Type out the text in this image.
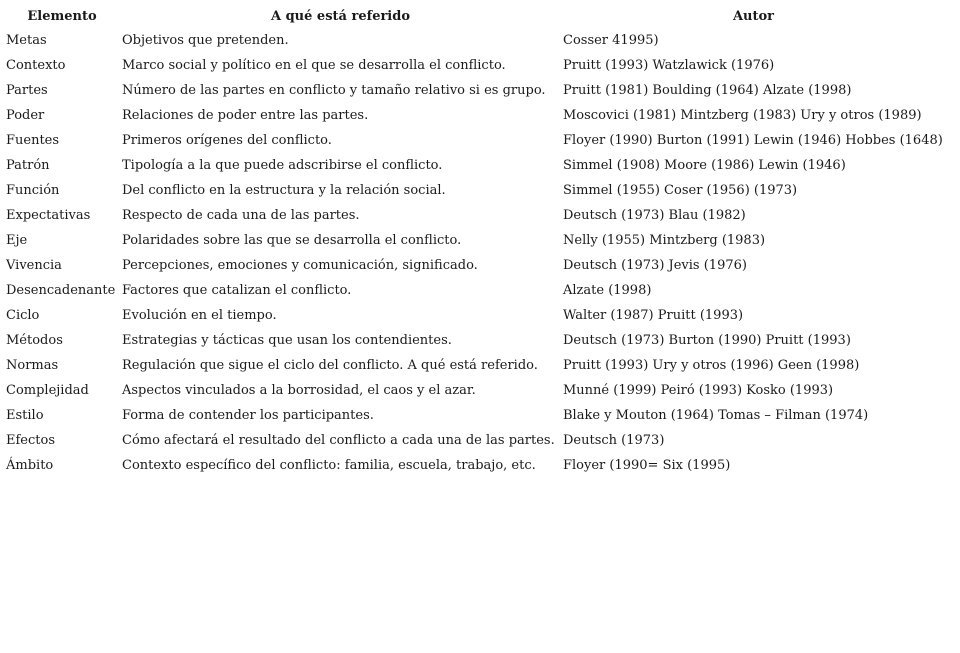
Elemento	A qué está referido	Autor
Metas	Objetivos que pretenden.	Cosser 41995)
Contexto	Marco social y político en el que se desarrolla el conflicto.	Pruitt (1993) Watzlawick (1976)
Partes	Número de las partes en conflicto y tamaño relativo si es grupo.	Pruitt (1981) Boulding (1964) Alzate (1998)
Poder	Relaciones de poder entre las partes.	Moscovici (1981) Mintzberg (1983) Ury y otros (1989)
Fuentes	Primeros orígenes del conflicto.	Floyer (1990) Burton (1991) Lewin (1946) Hobbes (1648)
Patrón	Tipología a la que puede adscribirse el conflicto.	Simmel (1908) Moore (1986) Lewin (1946)
Función	Del conflicto en la estructura y la relación social.	Simmel (1955) Coser (1956) (1973)
Expectativas	Respecto de cada una de las partes.	Deutsch (1973) Blau (1982)
Eje	Polaridades sobre las que se desarrolla el conflicto.	Nelly (1955) Mintzberg (1983)
Vivencia	Percepciones, emociones y comunicación, significado.	Deutsch (1973) Jevis (1976)
Desencadenante	Factores que catalizan el conflicto.	Alzate (1998)
Ciclo	Evolución en el tiempo.	Walter (1987) Pruitt (1993)
Métodos	Estrategias y tácticas que usan los contendientes.	Deutsch (1973) Burton (1990) Pruitt (1993)
Normas	Regulación que sigue el ciclo del conflicto. A qué está referido.	Pruitt (1993) Ury y otros (1996) Geen (1998)
Complejidad	Aspectos vinculados a la borrosidad, el caos y el azar.	Munné (1999) Peiró (1993) Kosko (1993)
Estilo	Forma de contender los participantes.	Blake y Mouton (1964) Tomas – Filman (1974)
Efectos	Cómo afectará el resultado del conflicto a cada una de las partes.	Deutsch (1973)
Ámbito	Contexto específico del conflicto: familia, escuela, trabajo, etc.	Floyer (1990= Six (1995)
